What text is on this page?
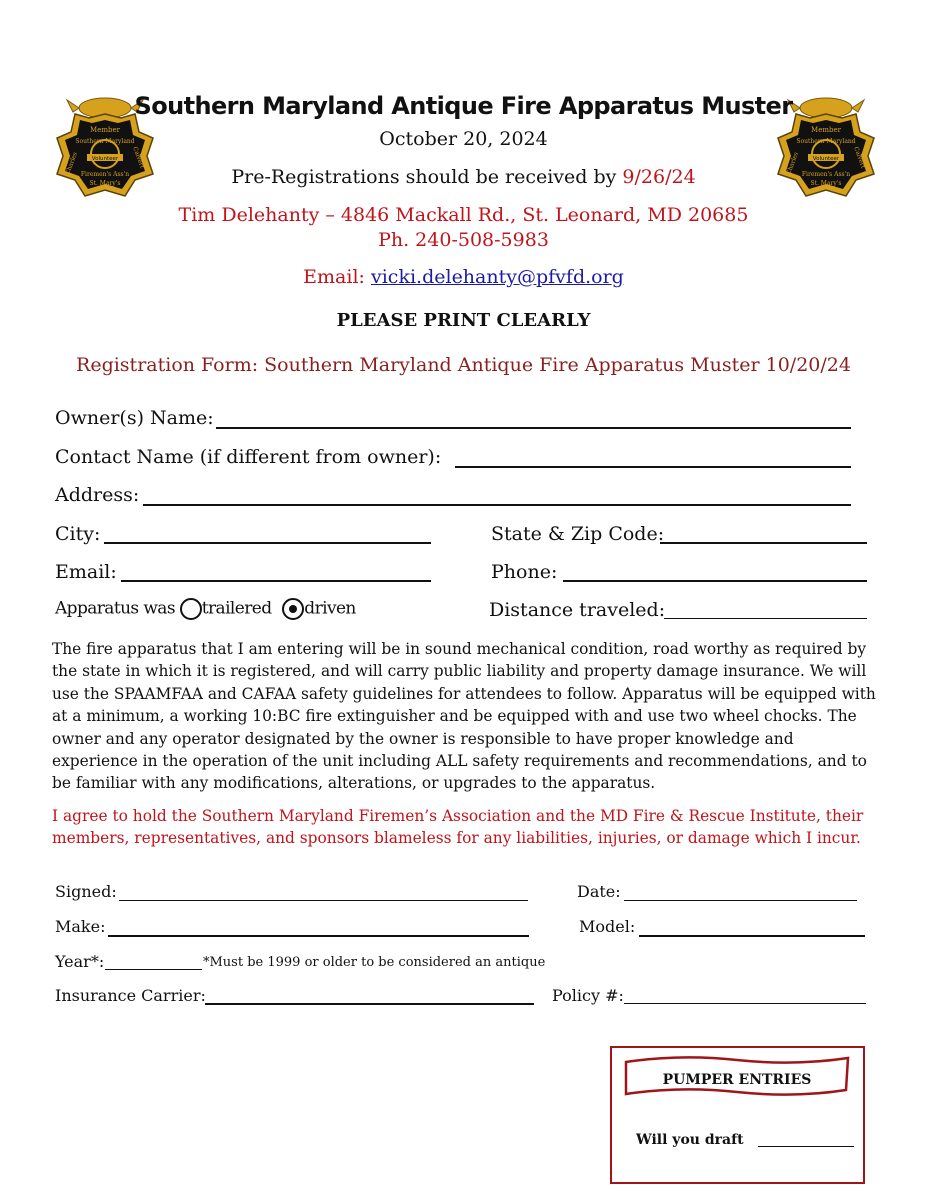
Member
Southern Maryland
Volunteer
Charles	Calvert
Firemen's Ass'n
St. Mary's
Member
Southern Maryland
Volunteer
Charles	Calvert
Firemen's Ass'n
St. Mary's
Southern Maryland Antique Fire Apparatus Muster
October 20, 2024
Pre-Registrations should be received by 9/26/24
Tim Delehanty – 4846 Mackall Rd., St. Leonard, MD 20685
Ph. 240-508-5983
Email: vicki.delehanty@pfvfd.org
PLEASE PRINT CLEARLY
Registration Form: Southern Maryland Antique Fire Apparatus Muster 10/20/24
Owner(s) Name:
Contact Name (if different from owner):
Address:
City:	State & Zip Code:
Email:	Phone:
Apparatus was trailered driven	Distance traveled:
The fire apparatus that I am entering will be in sound mechanical condition, road worthy as required by the state in which it is registered, and will carry public liability and property damage insurance. We will use the SPAAMFAA and CAFAA safety guidelines for attendees to follow. Apparatus will be equipped with at a minimum, a working 10:BC fire extinguisher and be equipped with and use two wheel chocks. The owner and any operator designated by the owner is responsible to have proper knowledge and experience in the operation of the unit including ALL safety requirements and recommendations, and to be familiar with any modifications, alterations, or upgrades to the apparatus.
I agree to hold the Southern Maryland Firemen’s Association and the MD Fire & Rescue Institute, their members, representatives, and sponsors blameless for any liabilities, injuries, or damage which I incur.
Signed:	Date:
Make:	Model:
Year*:	*Must be 1999 or older to be considered an antique
Insurance Carrier:	Policy #:
PUMPER ENTRIES
Will you draft
